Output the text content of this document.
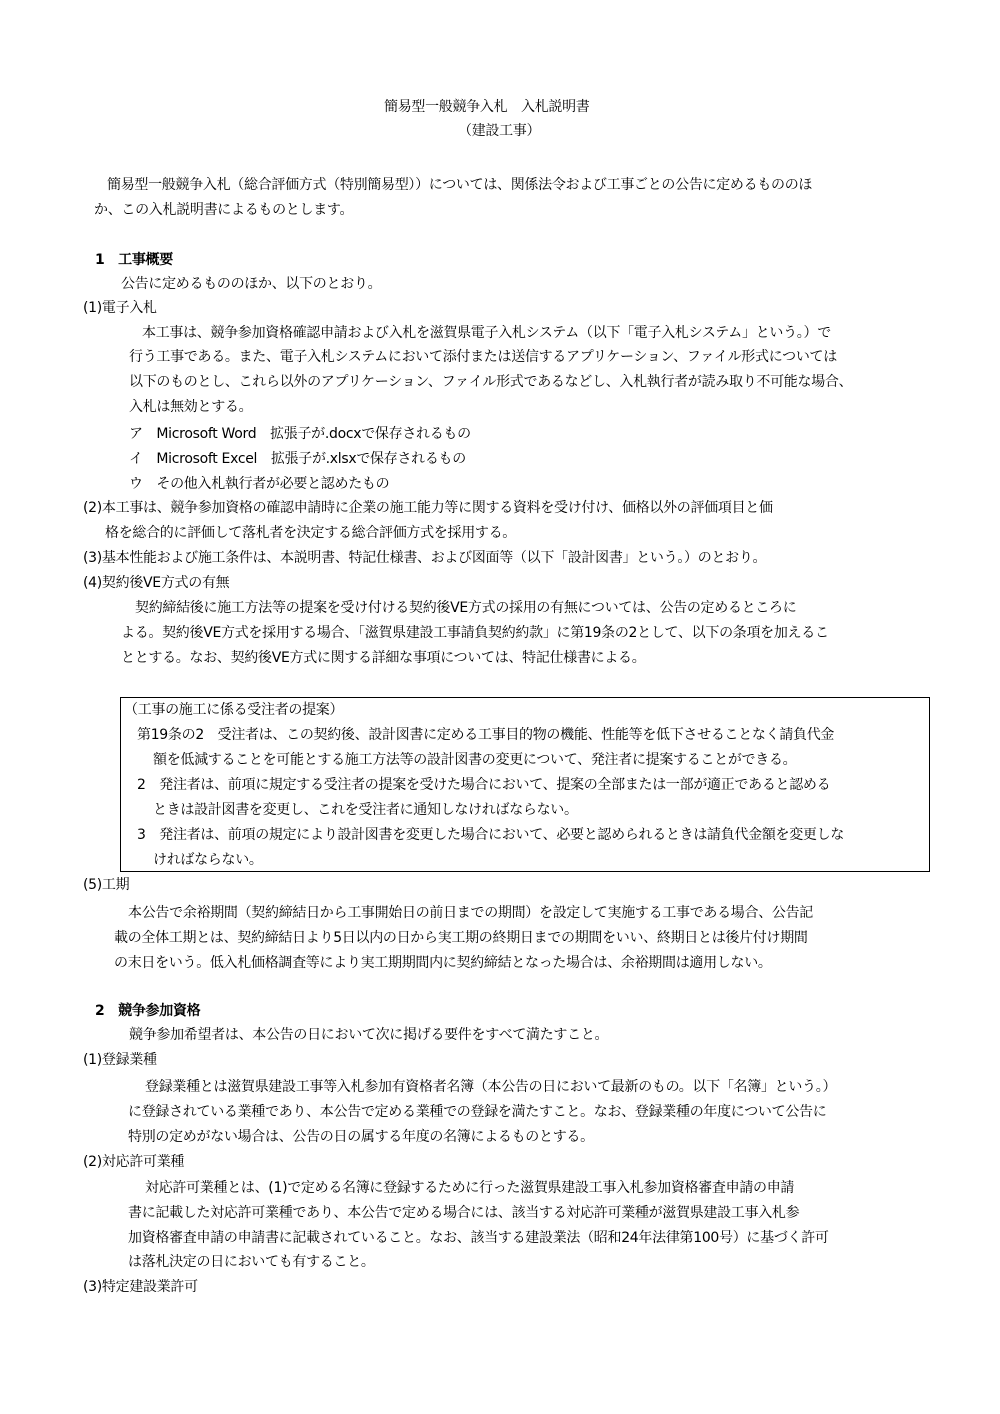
簡易型一般競争入札　入札説明書
（建設工事）
簡易型一般競争入札（総合評価方式（特別簡易型））については、関係法令および工事ごとの公告に定めるもののほ
か、この入札説明書によるものとします。
1　工事概要
公告に定めるもののほか、以下のとおり。
(1)電子入札
本工事は、競争参加資格確認申請および入札を滋賀県電子入札システム（以下「電子入札システム」という。）で
行う工事である。また、電子入札システムにおいて添付または送信するアプリケーション、ファイル形式については
以下のものとし、これら以外のアプリケーション、ファイル形式であるなどし、入札執行者が読み取り不可能な場合、
入札は無効とする。
ア　Microsoft Word　拡張子が.docxで保存されるもの
イ　Microsoft Excel　拡張子が.xlsxで保存されるもの
ウ　その他入札執行者が必要と認めたもの
(2)本工事は、競争参加資格の確認申請時に企業の施工能力等に関する資料を受け付け、価格以外の評価項目と価
格を総合的に評価して落札者を決定する総合評価方式を採用する。
(3)基本性能および施工条件は、本説明書、特記仕様書、および図面等（以下「設計図書」という。）のとおり。
(4)契約後VE方式の有無
契約締結後に施工方法等の提案を受け付ける契約後VE方式の採用の有無については、公告の定めるところに
よる。契約後VE方式を採用する場合、「滋賀県建設工事請負契約約款」に第19条の2として、以下の条項を加えるこ
ととする。なお、契約後VE方式に関する詳細な事項については、特記仕様書による。
（工事の施工に係る受注者の提案）
第19条の2　受注者は、この契約後、設計図書に定める工事目的物の機能、性能等を低下させることなく請負代金
額を低減することを可能とする施工方法等の設計図書の変更について、発注者に提案することができる。
2　発注者は、前項に規定する受注者の提案を受けた場合において、提案の全部または一部が適正であると認める
ときは設計図書を変更し、これを受注者に通知しなければならない。
3　発注者は、前項の規定により設計図書を変更した場合において、必要と認められるときは請負代金額を変更しな
ければならない。
(5)工期
本公告で余裕期間（契約締結日から工事開始日の前日までの期間）を設定して実施する工事である場合、公告記
載の全体工期とは、契約締結日より5日以内の日から実工期の終期日までの期間をいい、終期日とは後片付け期間
の末日をいう。低入札価格調査等により実工期期間内に契約締結となった場合は、余裕期間は適用しない。
2　競争参加資格
競争参加希望者は、本公告の日において次に掲げる要件をすべて満たすこと。
(1)登録業種
登録業種とは滋賀県建設工事等入札参加有資格者名簿（本公告の日において最新のもの。以下「名簿」という。）
に登録されている業種であり、本公告で定める業種での登録を満たすこと。なお、登録業種の年度について公告に
特別の定めがない場合は、公告の日の属する年度の名簿によるものとする。
(2)対応許可業種
対応許可業種とは、(1)で定める名簿に登録するために行った滋賀県建設工事入札参加資格審査申請の申請
書に記載した対応許可業種であり、本公告で定める場合には、該当する対応許可業種が滋賀県建設工事入札参
加資格審査申請の申請書に記載されていること。なお、該当する建設業法（昭和24年法律第100号）に基づく許可
は落札決定の日においても有すること。
(3)特定建設業許可
